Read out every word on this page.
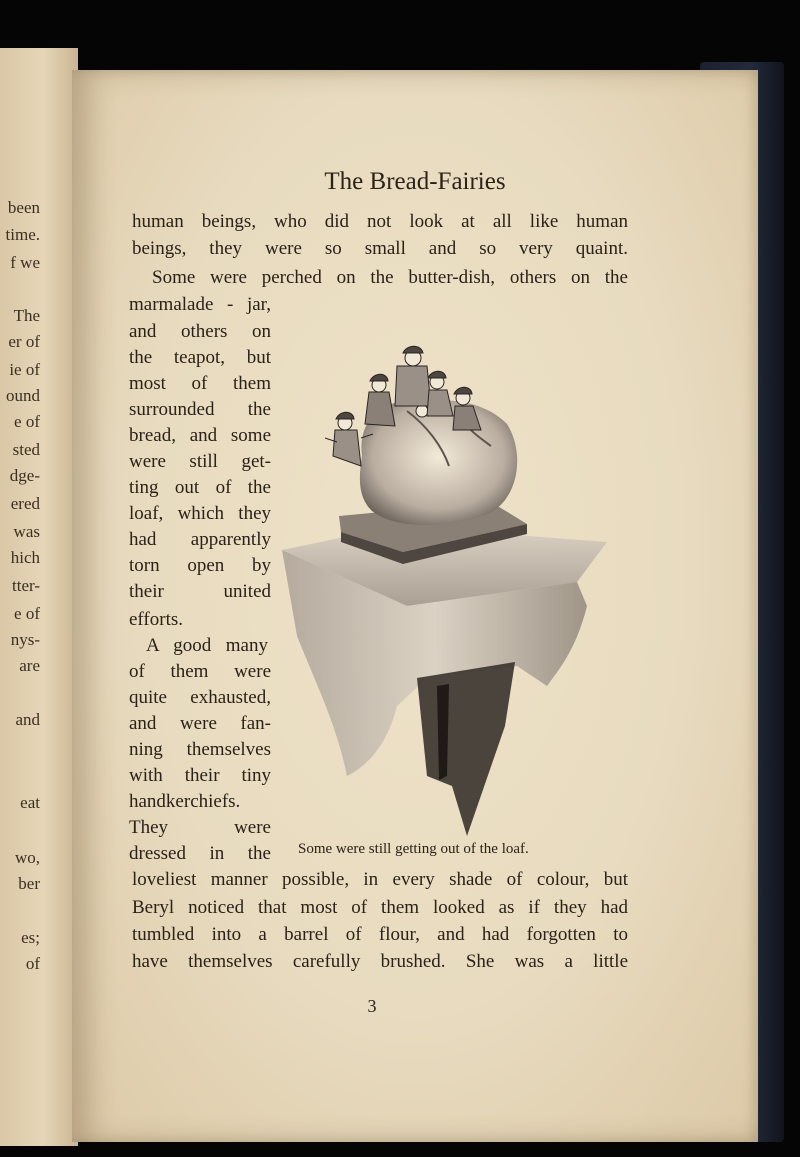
been
time.
f we
The
er of
ie of
ound
e of
sted
dge-
ered
was
hich
tter-
e of
nys-
are
and
eat
wo,
ber
es;
of
The Bread-Fairies
Some were still getting out of the loaf.
3
human beings, who did not look at all like human
beings, they were so small and so very quaint.
Some were perched on the butter-dish, others on the
marmalade - jar,
and others on
the teapot, but
most of them
surrounded the
bread, and some
were still get-
ting out of the
loaf, which they
had apparently
torn open by
their united
efforts.
A good many
of them were
quite exhausted,
and were fan-
ning themselves
with their tiny
handkerchiefs.
They were
dressed in the
loveliest manner possible, in every shade of colour, but
Beryl noticed that most of them looked as if they had
tumbled into a barrel of flour, and had forgotten to
have themselves carefully brushed. She was a little
